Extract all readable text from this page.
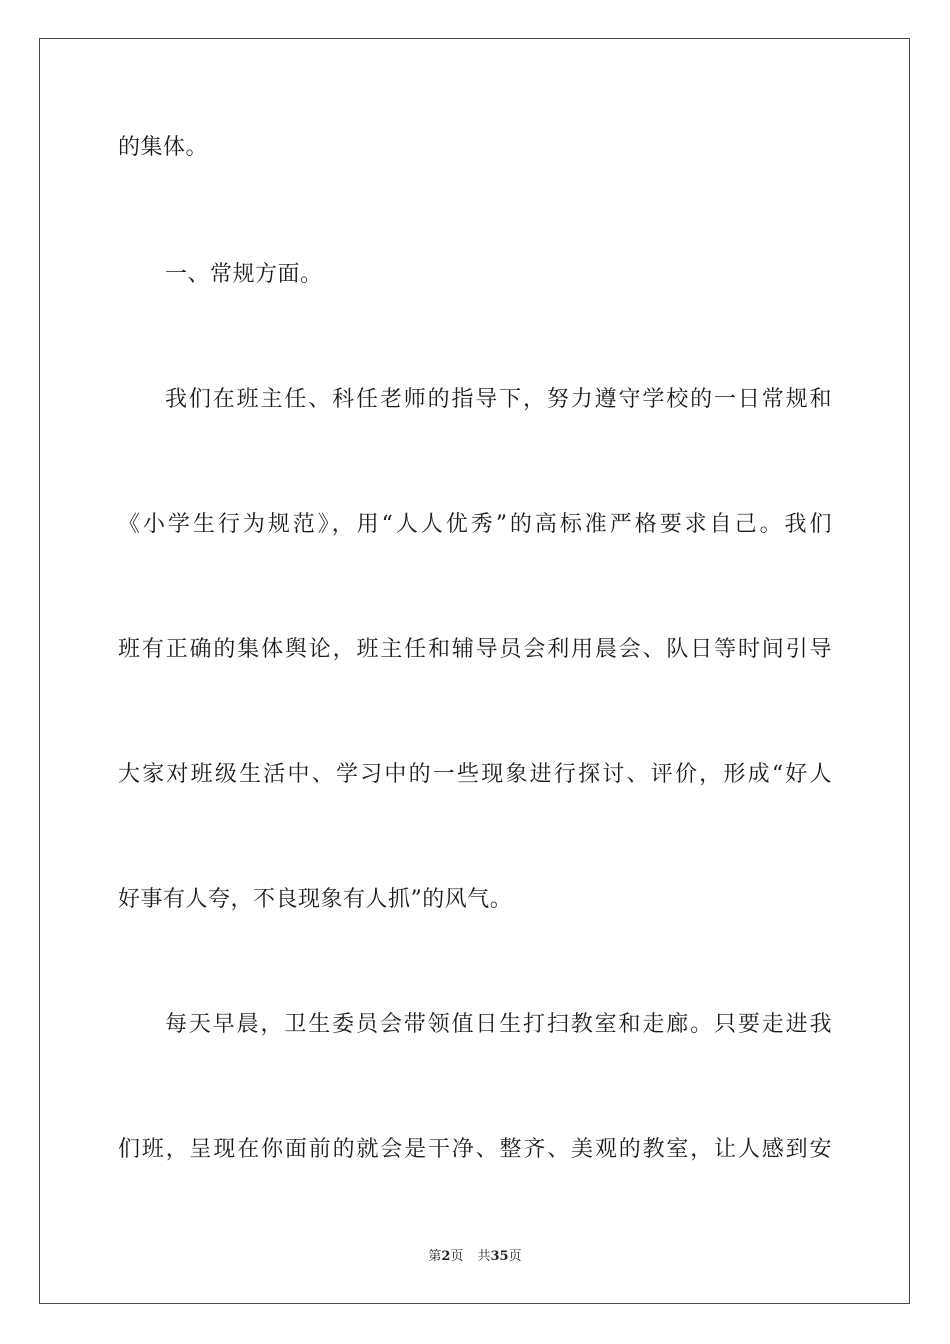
的集体。
一、常规方面。
我们在班主任、科任老师的指导下，努力遵守学校的一日常规和
《小学生行为规范》，用“人人优秀”的高标准严格要求自己。我们
班有正确的集体舆论，班主任和辅导员会利用晨会、队日等时间引导
大家对班级生活中、学习中的一些现象进行探讨、评价，形成“好人
好事有人夸，不良现象有人抓”的风气。
每天早晨，卫生委员会带领值日生打扫教室和走廊。只要走进我
们班，呈现在你面前的就会是干净、整齐、美观的教室，让人感到安
第2页 共35页
